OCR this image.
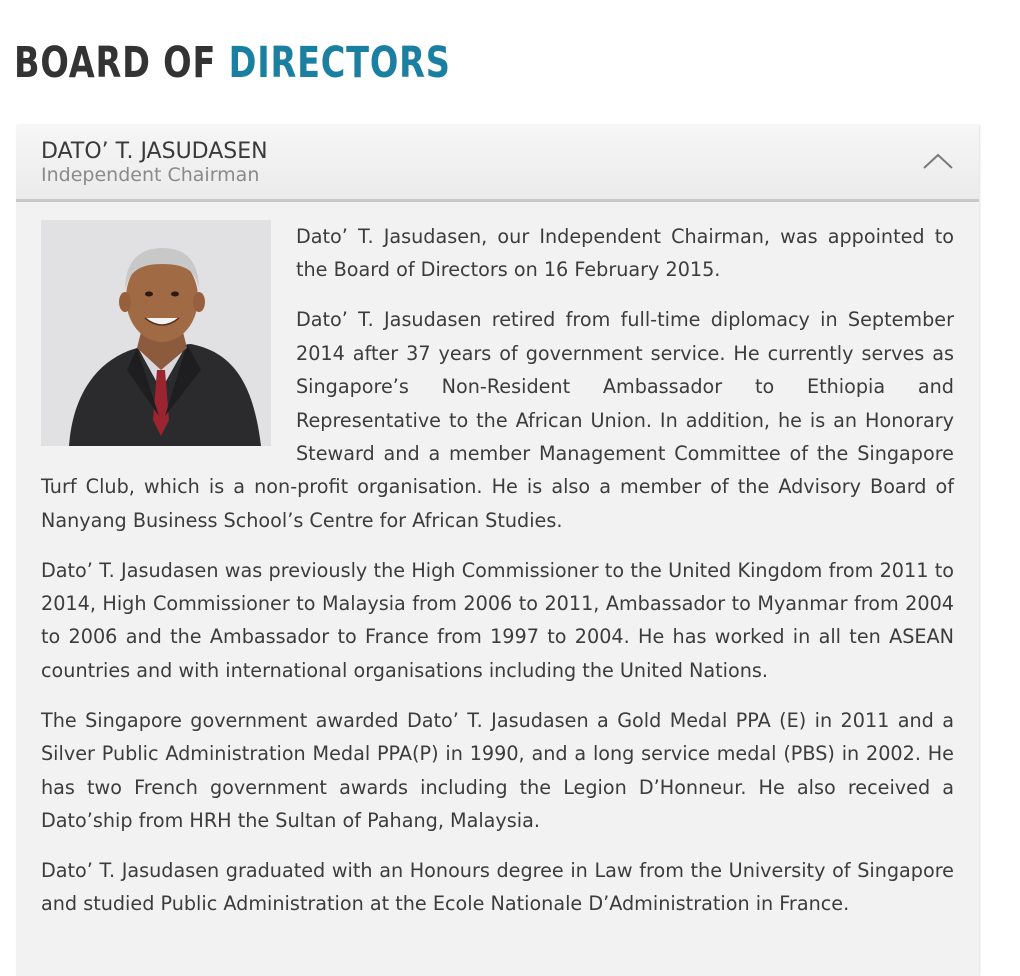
BOARD OF DIRECTORS
DATO’ T. JASUDASEN
Independent Chairman

Dato’ T. Jasudasen, our Independent Chairman, was appointed to the Board of Directors on 16 February 2015.

Dato’ T. Jasudasen retired from full-time diplomacy in September 2014 after 37 years of government service. He currently serves as Singapore’s Non-Resident Ambassador to Ethiopia and Representative to the African Union. In addition, he is an Honorary Steward and a member Management Committee of the Singapore Turf Club, which is a non-profit organisation. He is also a member of the Advisory Board of Nanyang Business School’s Centre for African Studies.

Dato’ T. Jasudasen was previously the High Commissioner to the United Kingdom from 2011 to 2014, High Commissioner to Malaysia from 2006 to 2011, Ambassador to Myanmar from 2004 to 2006 and the Ambassador to France from 1997 to 2004. He has worked in all ten ASEAN countries and with international organisations including the United Nations.

The Singapore government awarded Dato’ T. Jasudasen a Gold Medal PPA (E) in 2011 and a Silver Public Administration Medal PPA(P) in 1990, and a long service medal (PBS) in 2002. He has two French government awards including the Legion D’Honneur. He also received a Dato’ship from HRH the Sultan of Pahang, Malaysia.

Dato’ T. Jasudasen graduated with an Honours degree in Law from the University of Singapore and studied Public Administration at the Ecole Nationale D’Administration in France.
